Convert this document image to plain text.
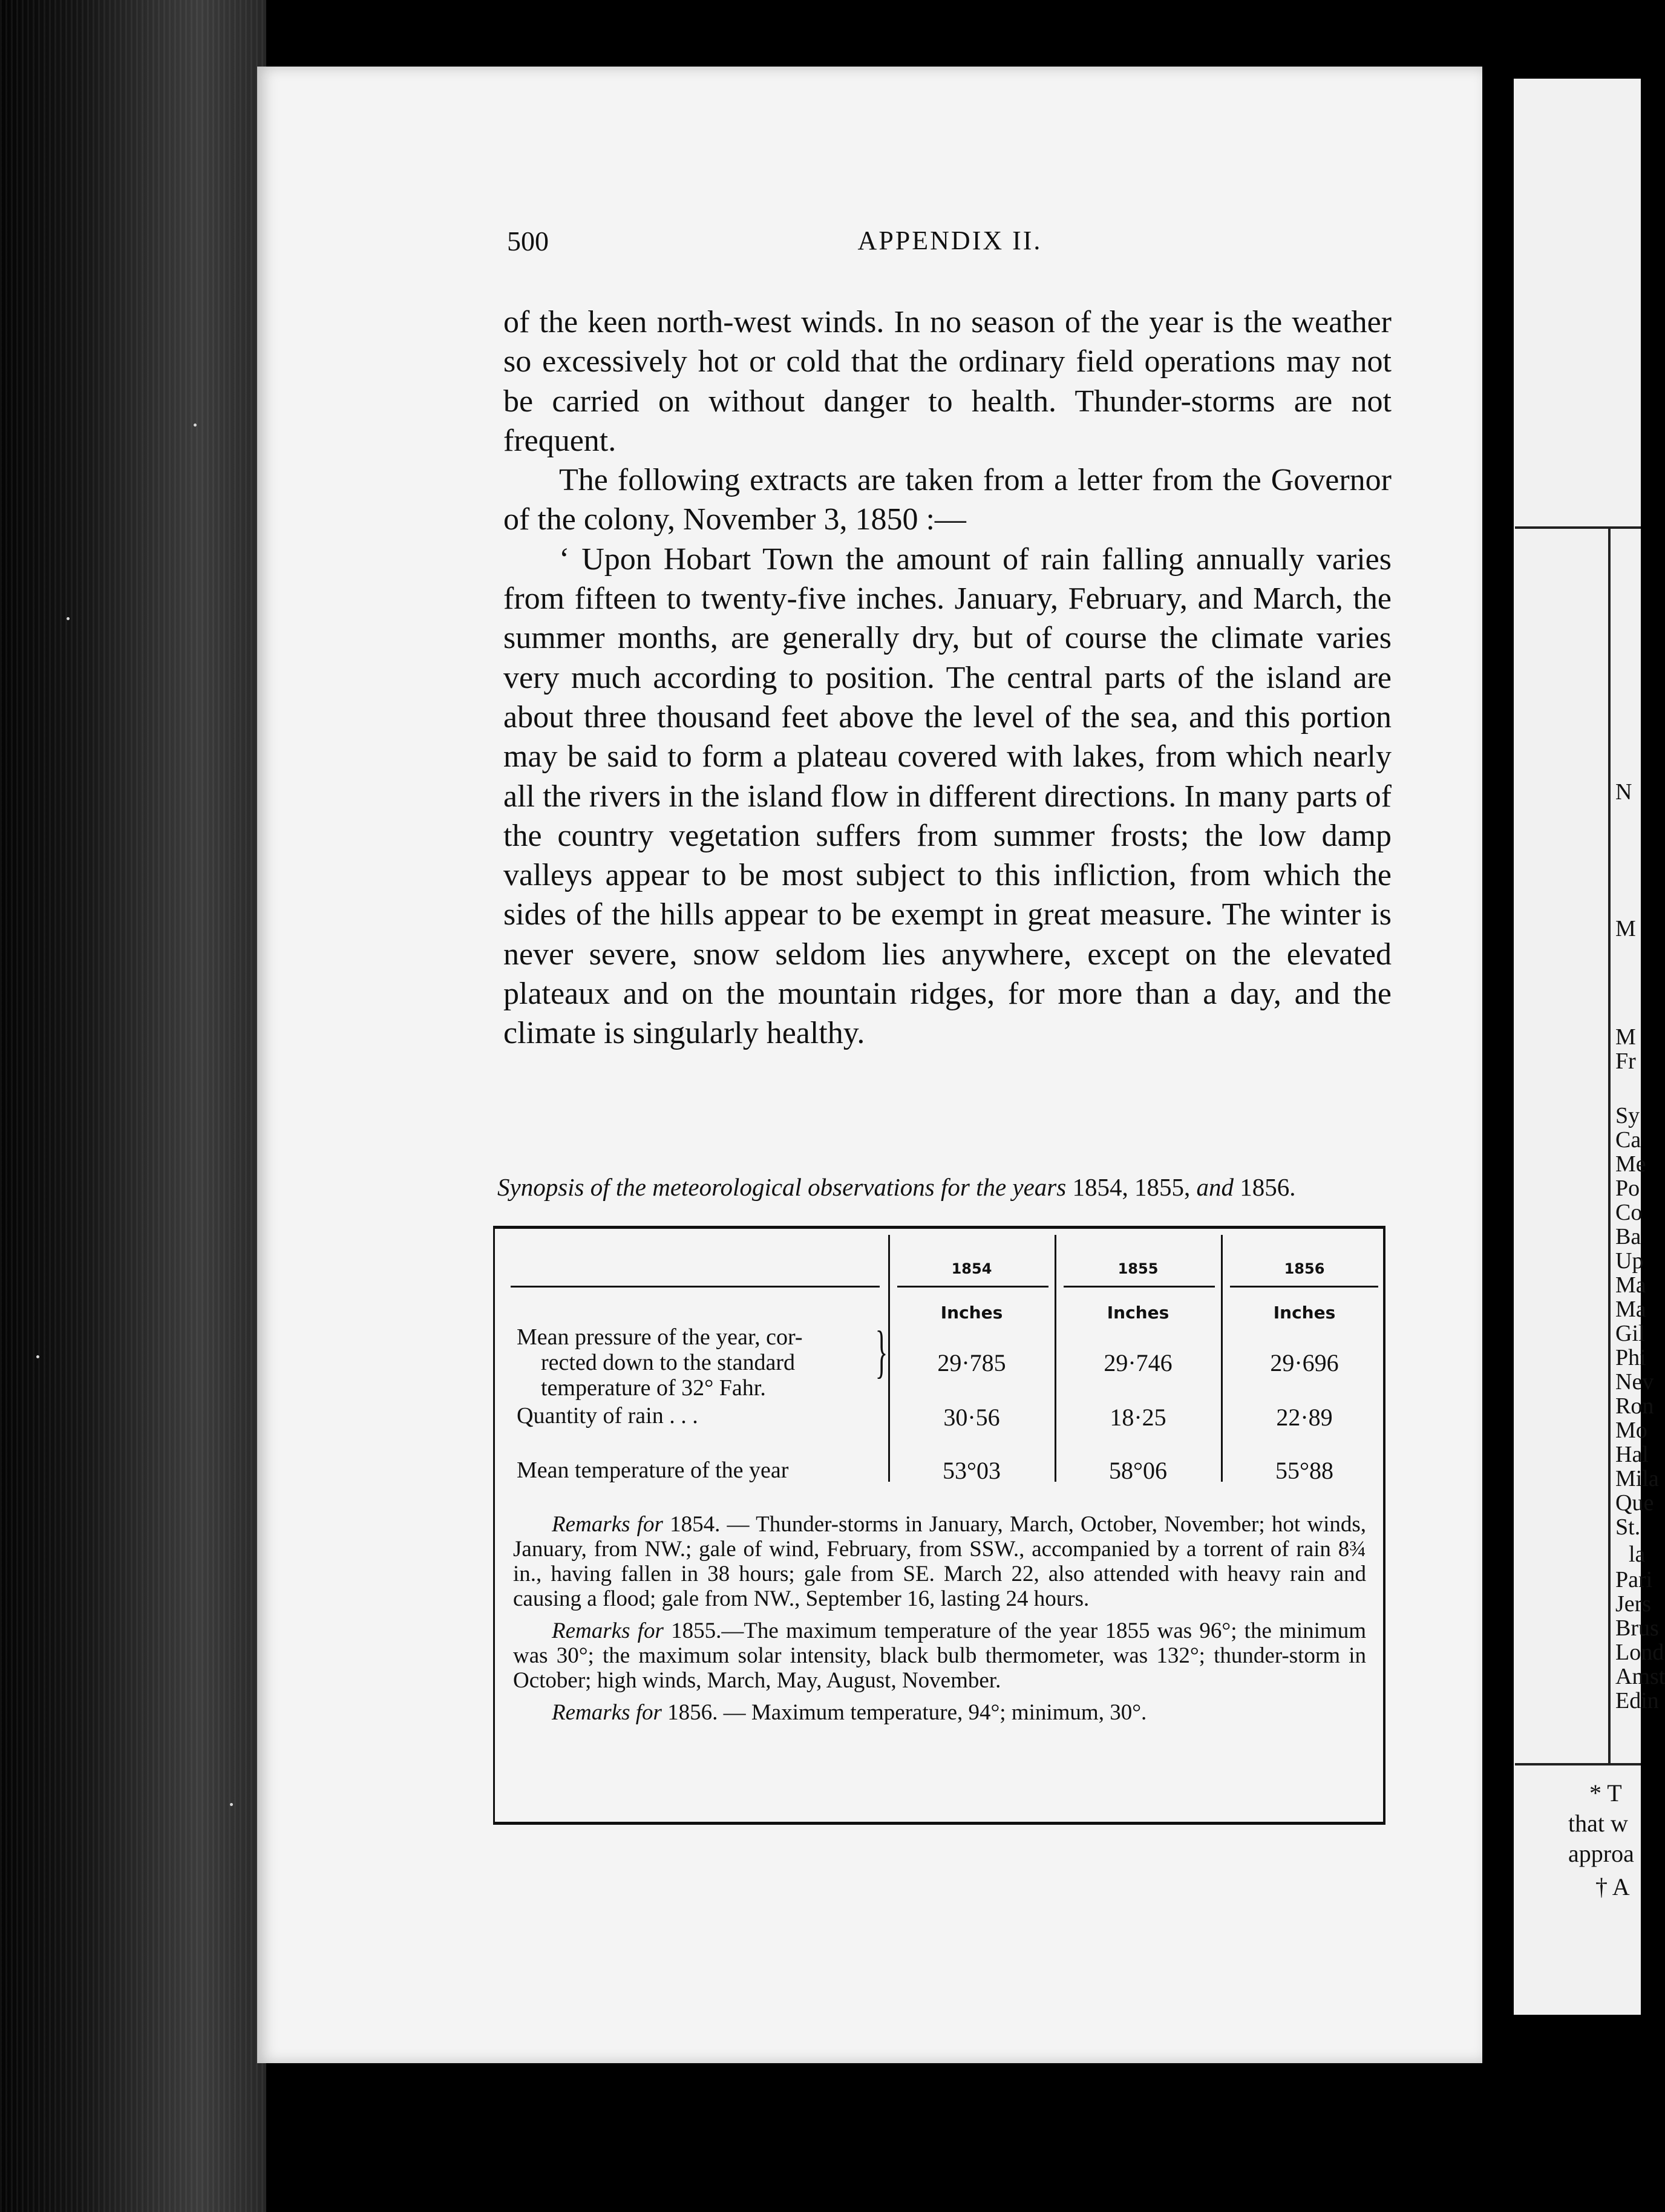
N
M
M
Fr
Sy
Ca
Me
Po
Co
Ba
Up
Ma
Ma
Gil
Phi
Nev
Ron
Mo
Hal
Mila
Que
St.
la
Pari
Jers
Brus
Lond
Amst
Edin
* T
that w
approa
† A
500	APPENDIX II.

of the keen north-west winds. In no season of the year is the weather so excessively hot or cold that the ordinary field operations may not be carried on without danger to health. Thunder-storms are not frequent.

The following extracts are taken from a letter from the Governor of the colony, November 3, 1850 :—

‘ Upon Hobart Town the amount of rain falling annually varies from fifteen to twenty-five inches. January, February, and March, the summer months, are generally dry, but of course the climate varies very much according to position. The central parts of the island are about three thousand feet above the level of the sea, and this portion may be said to form a plateau covered with lakes, from which nearly all the rivers in the island flow in different directions. In many parts of the country vegetation suffers from summer frosts; the low damp valleys appear to be most subject to this infliction, from which the sides of the hills appear to be exempt in great measure. The winter is never severe, snow seldom lies anywhere, except on the elevated plateaux and on the mountain ridges, for more than a day, and the climate is singularly healthy.

Synopsis of the meteorological observations for the years 1854, 1855, and 1856.
1854	1855	1856
Inches	Inches	Inches
Mean pressure of the year, cor-
rected down to the standard
temperature of 32° Fahr.
}	29·785	29·746	29·696
Quantity of rain . . .	30·56	18·25	22·89
Mean temperature of the year	53°03	58°06	55°88

Remarks for 1854. — Thunder-storms in January, March, October, November; hot winds, January, from NW.; gale of wind, February, from SSW., accompanied by a torrent of rain 8¾ in., having fallen in 38 hours; gale from SE. March 22, also attended with heavy rain and causing a flood; gale from NW., September 16, lasting 24 hours.

Remarks for 1855.—The maximum temperature of the year 1855 was 96°; the minimum was 30°; the maximum solar intensity, black bulb thermometer, was 132°; thunder-storm in October; high winds, March, May, August, November.

Remarks for 1856. — Maximum temperature, 94°; minimum, 30°.
